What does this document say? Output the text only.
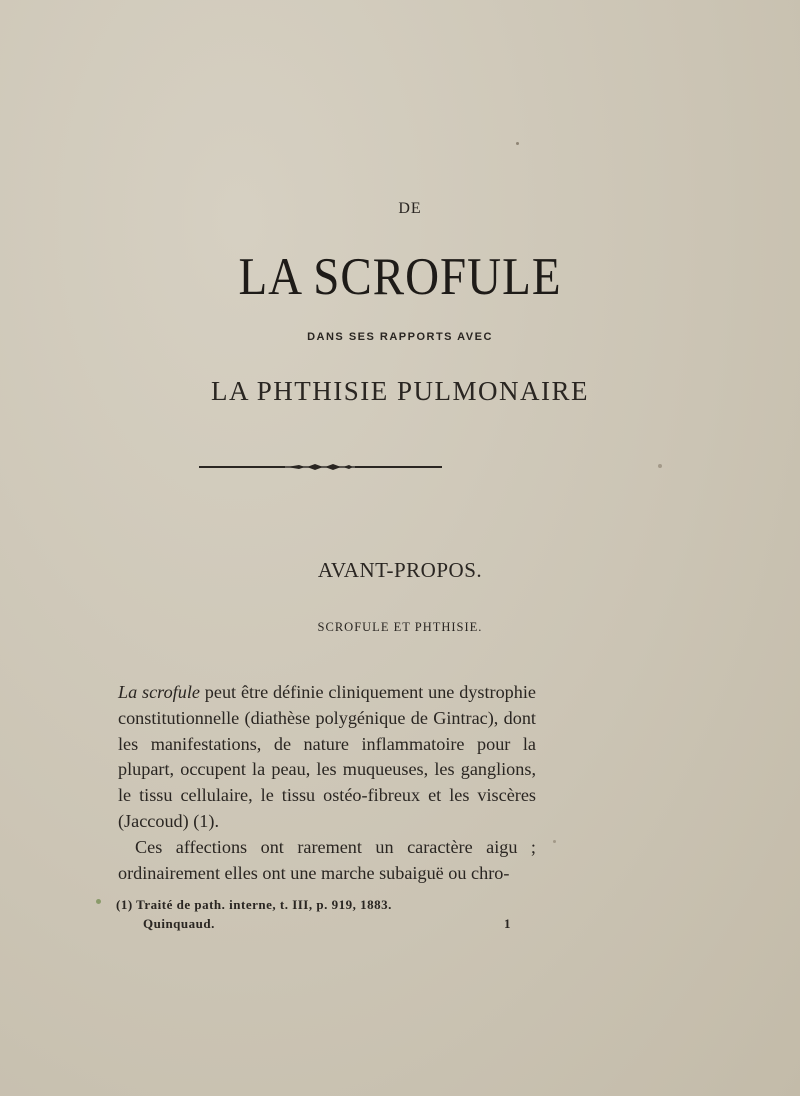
DE
LA SCROFULE
DANS SES RAPPORTS AVEC
LA PHTHISIE PULMONAIRE
AVANT-PROPOS.
SCROFULE ET PHTHISIE.

La scrofule peut être définie cliniquement une dystrophie constitutionnelle (diathèse polygénique de Gintrac), dont les manifestations, de nature inflammatoire pour la plupart, occupent la peau, les muqueuses, les ganglions, le tissu cellulaire, le tissu ostéo-fibreux et les viscères (Jaccoud) (1).

Ces affections ont rarement un caractère aigu ; ordinairement elles ont une marche subaiguë ou chro-

(1) Traité de path. interne, t. III, p. 919, 1883.
Quinquaud.	1
